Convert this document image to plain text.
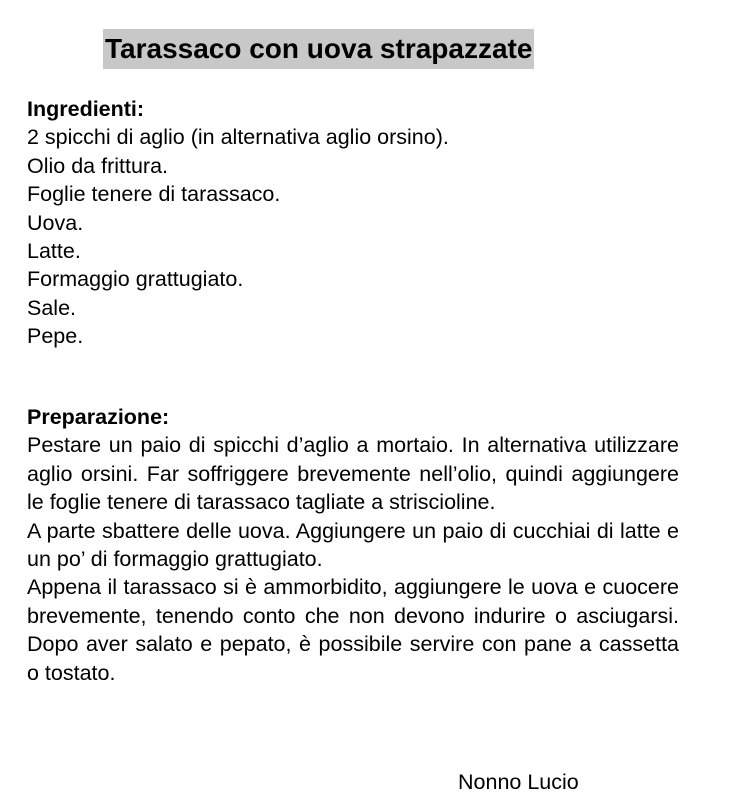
Tarassaco con uova strapazzate
Ingredienti:
2 spicchi di aglio (in alternativa aglio orsino).
Olio da frittura.
Foglie tenere di tarassaco.
Uova.
Latte.
Formaggio grattugiato.
Sale.
Pepe.
Preparazione:

Pestare un paio di spicchi d’aglio a mortaio. In alternativa utilizzare aglio orsini. Far soffriggere brevemente nell’olio, quindi aggiungere le foglie tenere di tarassaco tagliate a striscioline.

A parte sbattere delle uova. Aggiungere un paio di cucchiai di latte e un po’ di formaggio grattugiato.

Appena il tarassaco si è ammorbidito, aggiungere le uova e cuocere brevemente, tenendo conto che non devono indurire o asciugarsi. Dopo aver salato e pepato, è possibile servire con pane a cassetta o tostato.

Nonno Lucio
